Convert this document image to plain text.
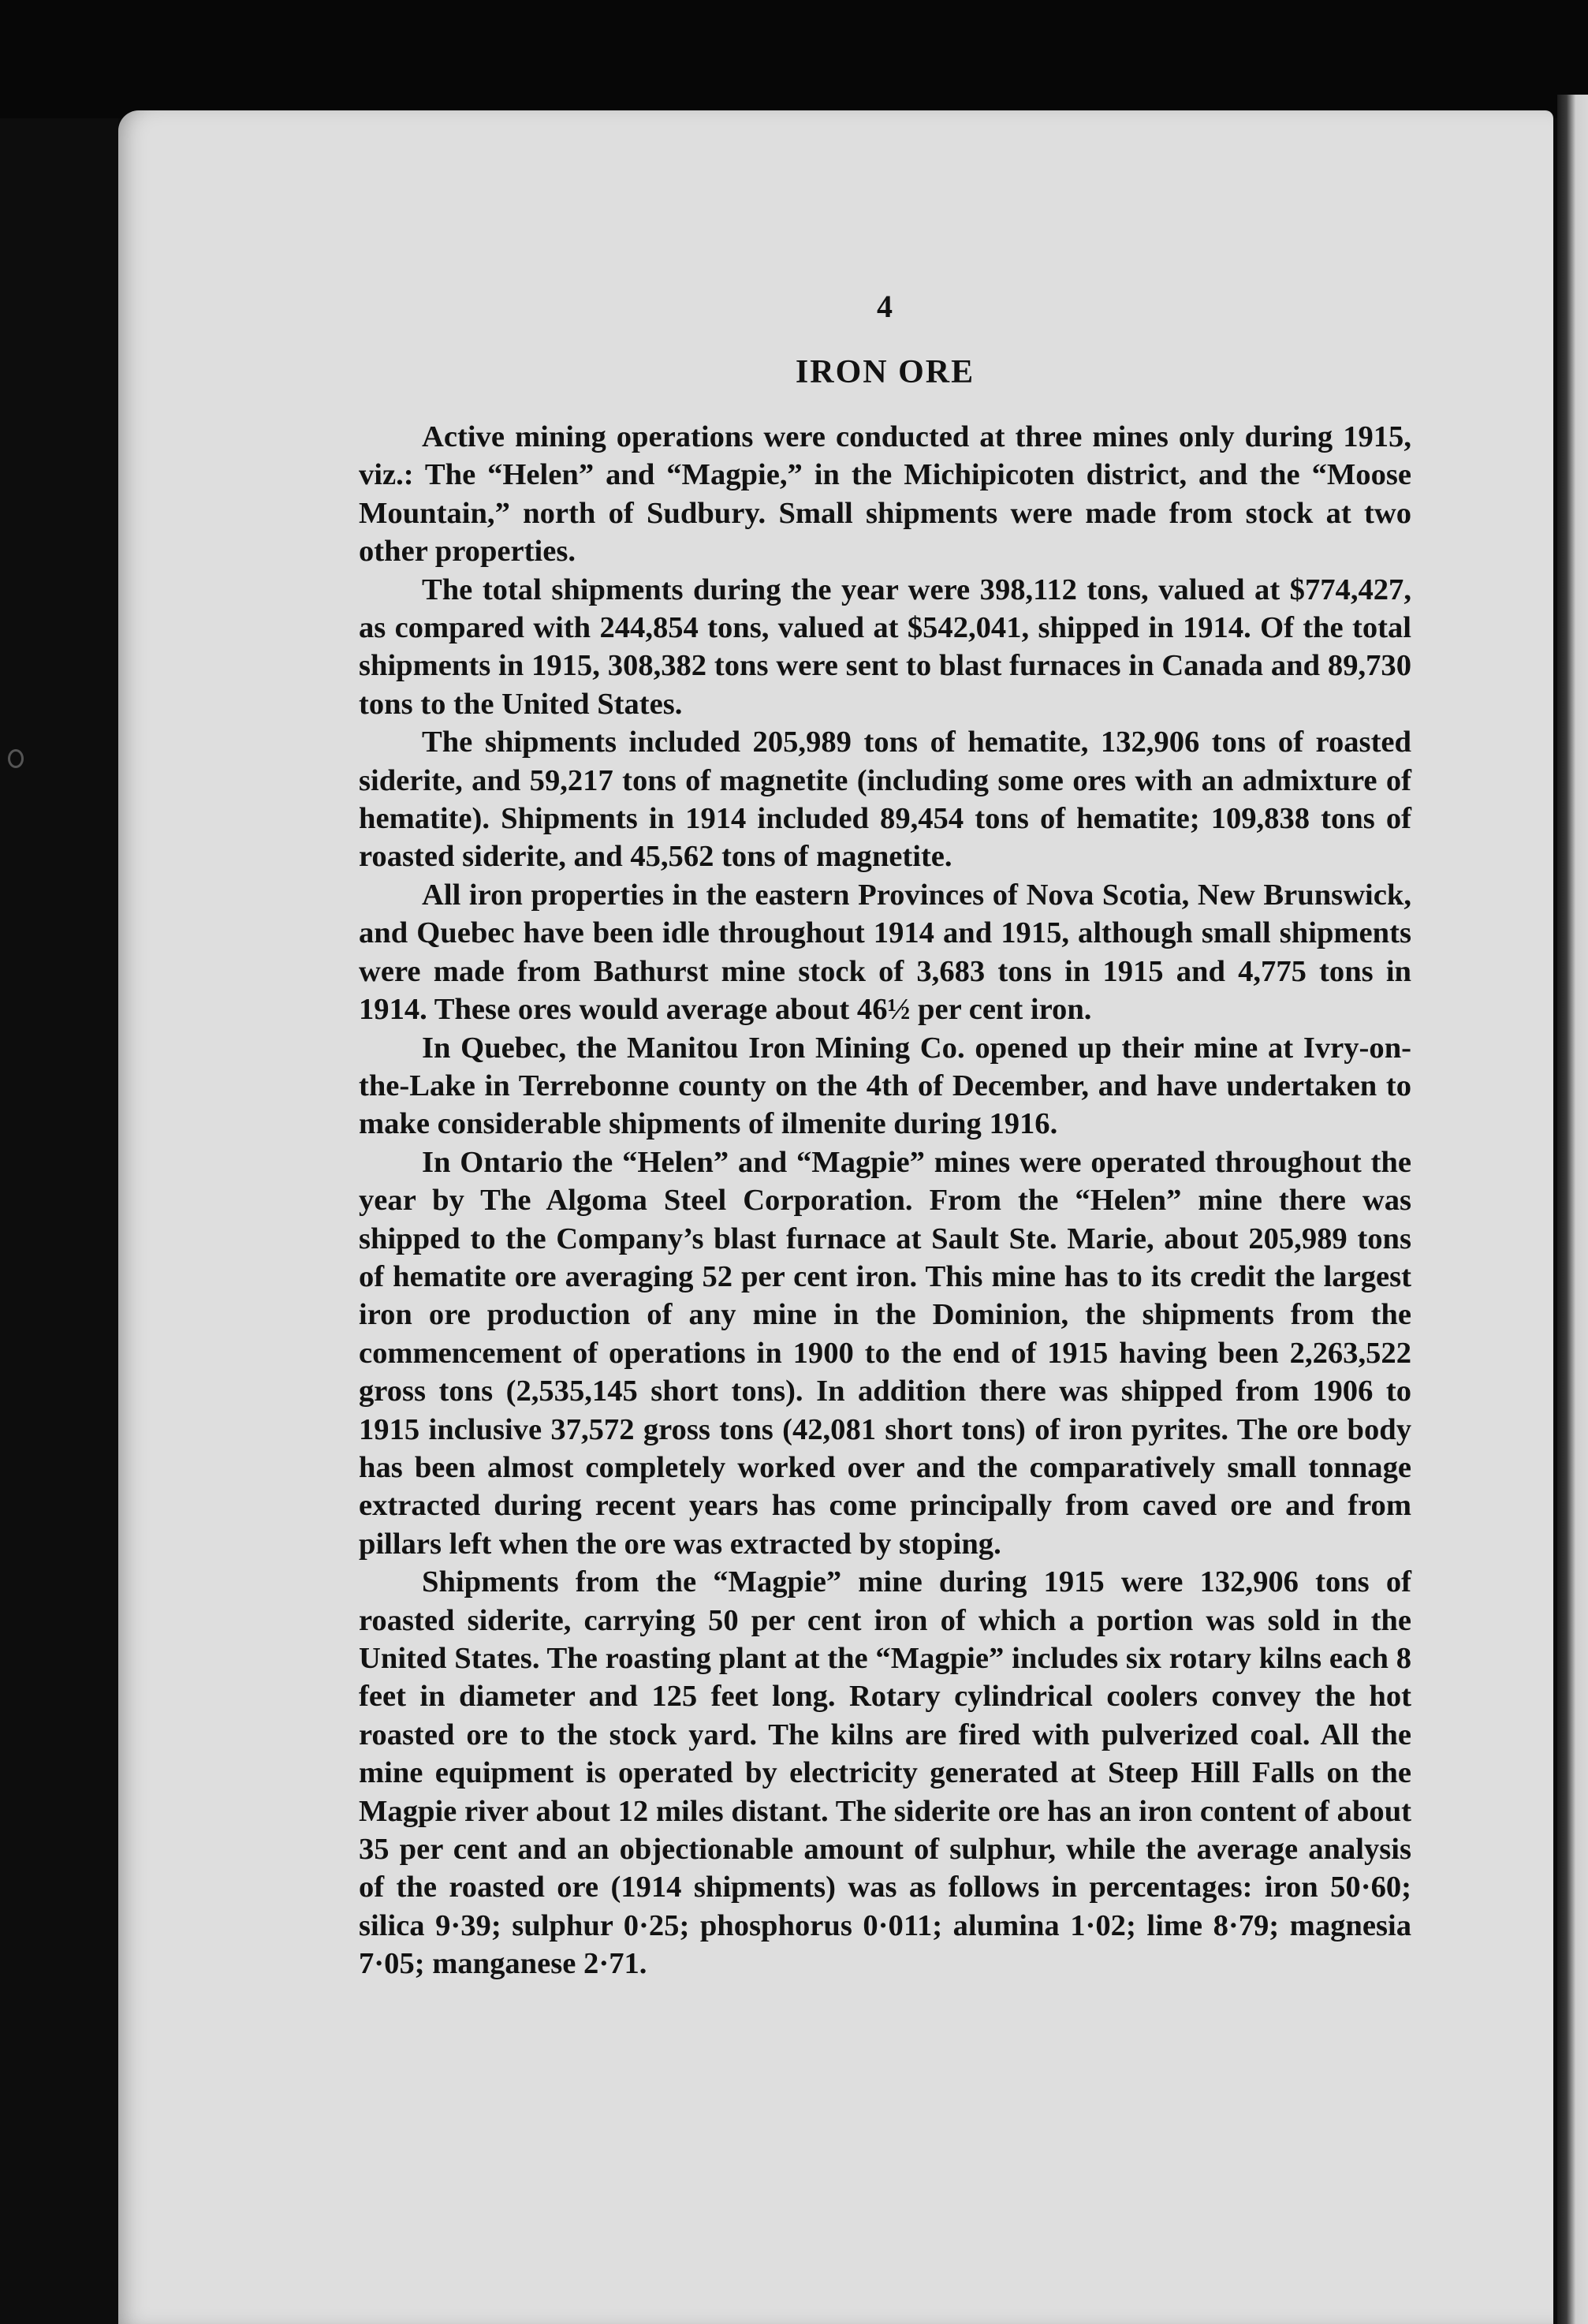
4
IRON ORE

Active mining operations were conducted at three mines only during 1915, viz.: The “Helen” and “Magpie,” in the Michipicoten district, and the “Moose Mountain,” north of Sudbury. Small shipments were made from stock at two other properties.

The total shipments during the year were 398,112 tons, valued at $774,427, as compared with 244,854 tons, valued at $542,041, shipped in 1914. Of the total shipments in 1915, 308,382 tons were sent to blast furnaces in Canada and 89,730 tons to the United States.

The shipments included 205,989 tons of hematite, 132,906 tons of roasted siderite, and 59,217 tons of magnetite (including some ores with an admixture of hematite). Shipments in 1914 included 89,454 tons of hematite; 109,838 tons of roasted siderite, and 45,562 tons of magnetite.

All iron properties in the eastern Provinces of Nova Scotia, New Brunswick, and Quebec have been idle throughout 1914 and 1915, although small shipments were made from Bathurst mine stock of 3,683 tons in 1915 and 4,775 tons in 1914. These ores would average about 46½ per cent iron.

In Quebec, the Manitou Iron Mining Co. opened up their mine at Ivry-on-the-Lake in Terrebonne county on the 4th of December, and have undertaken to make considerable shipments of ilmenite during 1916.

In Ontario the “Helen” and “Magpie” mines were operated throughout the year by The Algoma Steel Corporation. From the “Helen” mine there was shipped to the Company’s blast furnace at Sault Ste. Marie, about 205,989 tons of hematite ore averaging 52 per cent iron. This mine has to its credit the largest iron ore production of any mine in the Dominion, the shipments from the commencement of operations in 1900 to the end of 1915 having been 2,263,522 gross tons (2,535,145 short tons). In addition there was shipped from 1906 to 1915 inclusive 37,572 gross tons (42,081 short tons) of iron pyrites. The ore body has been almost completely worked over and the comparatively small tonnage extracted during recent years has come principally from caved ore and from pillars left when the ore was extracted by stoping.

Shipments from the “Magpie” mine during 1915 were 132,906 tons of roasted siderite, carrying 50 per cent iron of which a portion was sold in the United States. The roasting plant at the “Magpie” includes six rotary kilns each 8 feet in diameter and 125 feet long. Rotary cylindrical coolers convey the hot roasted ore to the stock yard. The kilns are fired with pulverized coal. All the mine equipment is operated by electricity generated at Steep Hill Falls on the Magpie river about 12 miles distant. The siderite ore has an iron content of about 35 per cent and an objectionable amount of sulphur, while the average analysis of the roasted ore (1914 shipments) was as follows in percentages: iron 50·60; silica 9·39; sulphur 0·25; phosphorus 0·011; alumina 1·02; lime 8·79; magnesia 7·05; manganese 2·71.
